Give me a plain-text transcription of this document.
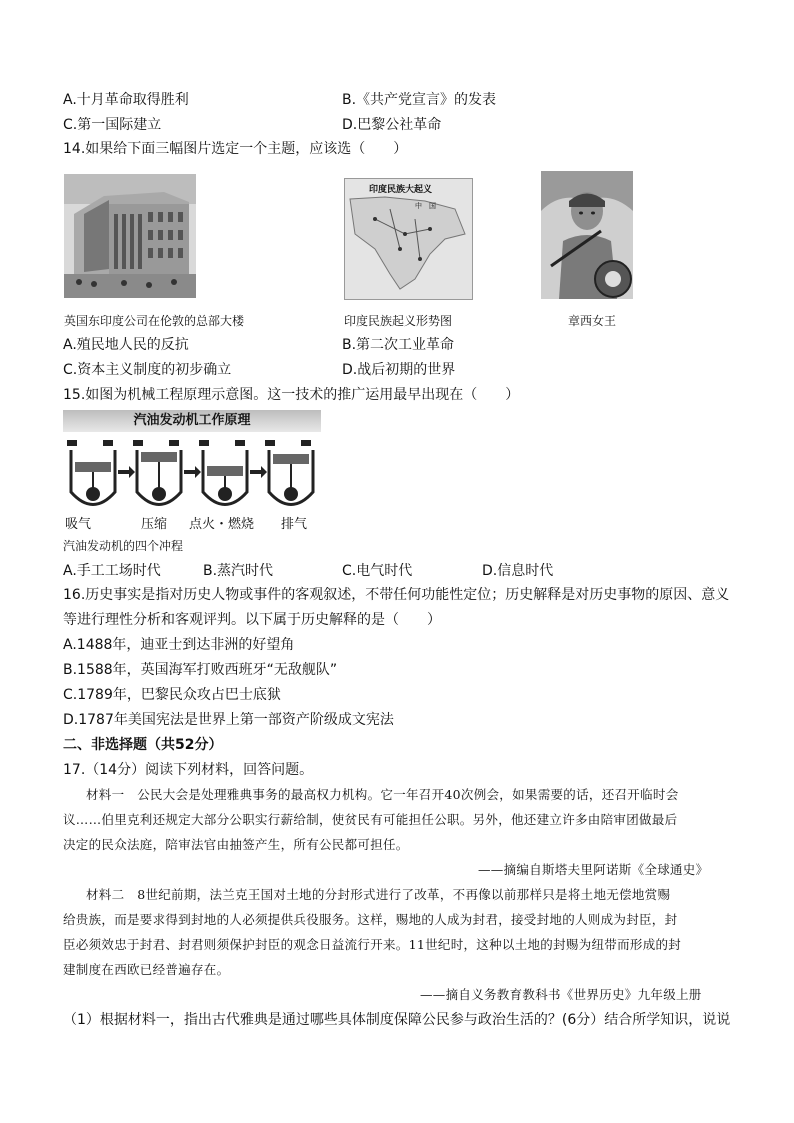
A.十月革命取得胜利	B.《共产党宣言》的发表
C.第一国际建立	D.巴黎公社革命
14.如果给下面三幅图片选定一个主题，应该选（　　）
英国东印度公司在伦敦的总部大楼
印度民族大起义
中　国
印度民族起义形势图	章西女王
A.殖民地人民的反抗	B.第二次工业革命
C.资本主义制度的初步确立	D.战后初期的世界
15.如图为机械工程原理示意图。这一技术的推广运用最早出现在（　　）
汽油发动机工作原理
吸气	压缩 点火・燃烧 排气
汽油发动机的四个冲程
A.手工工场时代	B.蒸汽时代	C.电气时代	D.信息时代
16.历史事实是指对历史人物或事件的客观叙述，不带任何功能性定位；历史解释是对历史事物的原因、意义
等进行理性分析和客观评判。以下属于历史解释的是（　　）
A.1488年，迪亚士到达非洲的好望角
B.1588年，英国海军打败西班牙“无敌舰队”
C.1789年，巴黎民众攻占巴士底狱
D.1787年美国宪法是世界上第一部资产阶级成文宪法
二、非选择题（共52分）
17.（14分）阅读下列材料，回答问题。
材料一　公民大会是处理雅典事务的最高权力机构。它一年召开40次例会，如果需要的话，还召开临时会
议……伯里克利还规定大部分公职实行薪给制，使贫民有可能担任公职。另外，他还建立许多由陪审团做最后
决定的民众法庭，陪审法官由抽签产生，所有公民都可担任。
——摘编自斯塔夫里阿诺斯《全球通史》
材料二　8世纪前期，法兰克王国对土地的分封形式进行了改革，不再像以前那样只是将土地无偿地赏赐
给贵族，而是要求得到封地的人必须提供兵役服务。这样，赐地的人成为封君，接受封地的人则成为封臣，封
臣必须效忠于封君、封君则须保护封臣的观念日益流行开来。11世纪时，这种以土地的封赐为纽带而形成的封
建制度在西欧已经普遍存在。
——摘自义务教育教科书《世界历史》九年级上册
（1）根据材料一，指出古代雅典是通过哪些具体制度保障公民参与政治生活的？(6分）结合所学知识，说说
